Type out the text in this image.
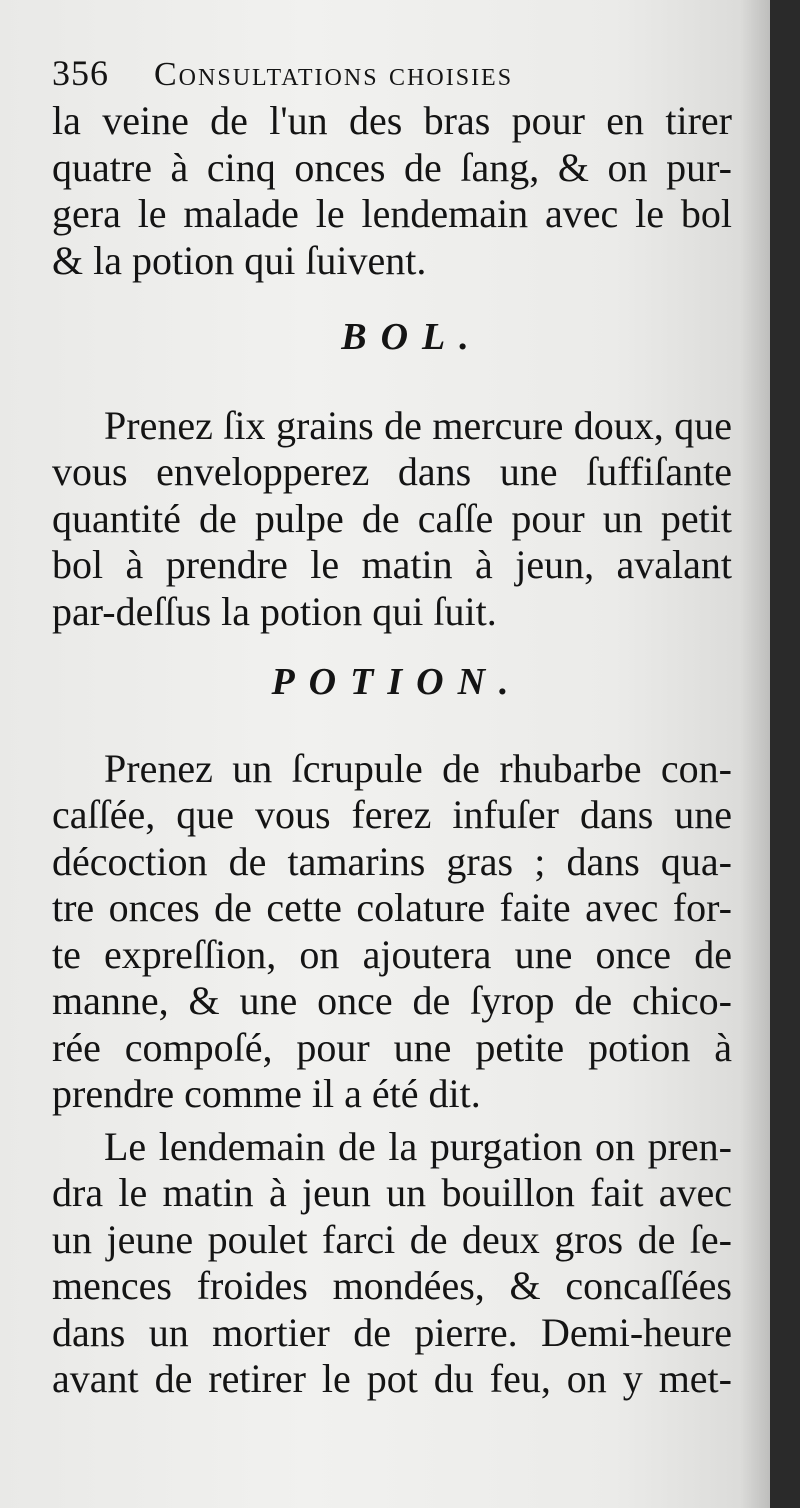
356	Consultations choisies
la veine de l'un des bras pour en tirer
quatre à cinq onces de ſang, & on pur-
gera le malade le lendemain avec le bol
& la potion qui ſuivent.
BOL.
Prenez ſix grains de mercure doux, que
vous envelopperez dans une ſuffiſante
quantité de pulpe de caſſe pour un petit
bol à prendre le matin à jeun, avalant
par-deſſus la potion qui ſuit.
POTION.
Prenez un ſcrupule de rhubarbe con-
caſſée, que vous ferez infuſer dans une
décoction de tamarins gras ; dans qua-
tre onces de cette colature faite avec for-
te expreſſion, on ajoutera une once de
manne, & une once de ſyrop de chico-
rée compoſé, pour une petite potion à
prendre comme il a été dit.
Le lendemain de la purgation on pren-
dra le matin à jeun un bouillon fait avec
un jeune poulet farci de deux gros de ſe-
mences froides mondées, & concaſſées
dans un mortier de pierre. Demi-heure
avant de retirer le pot du feu, on y met-
